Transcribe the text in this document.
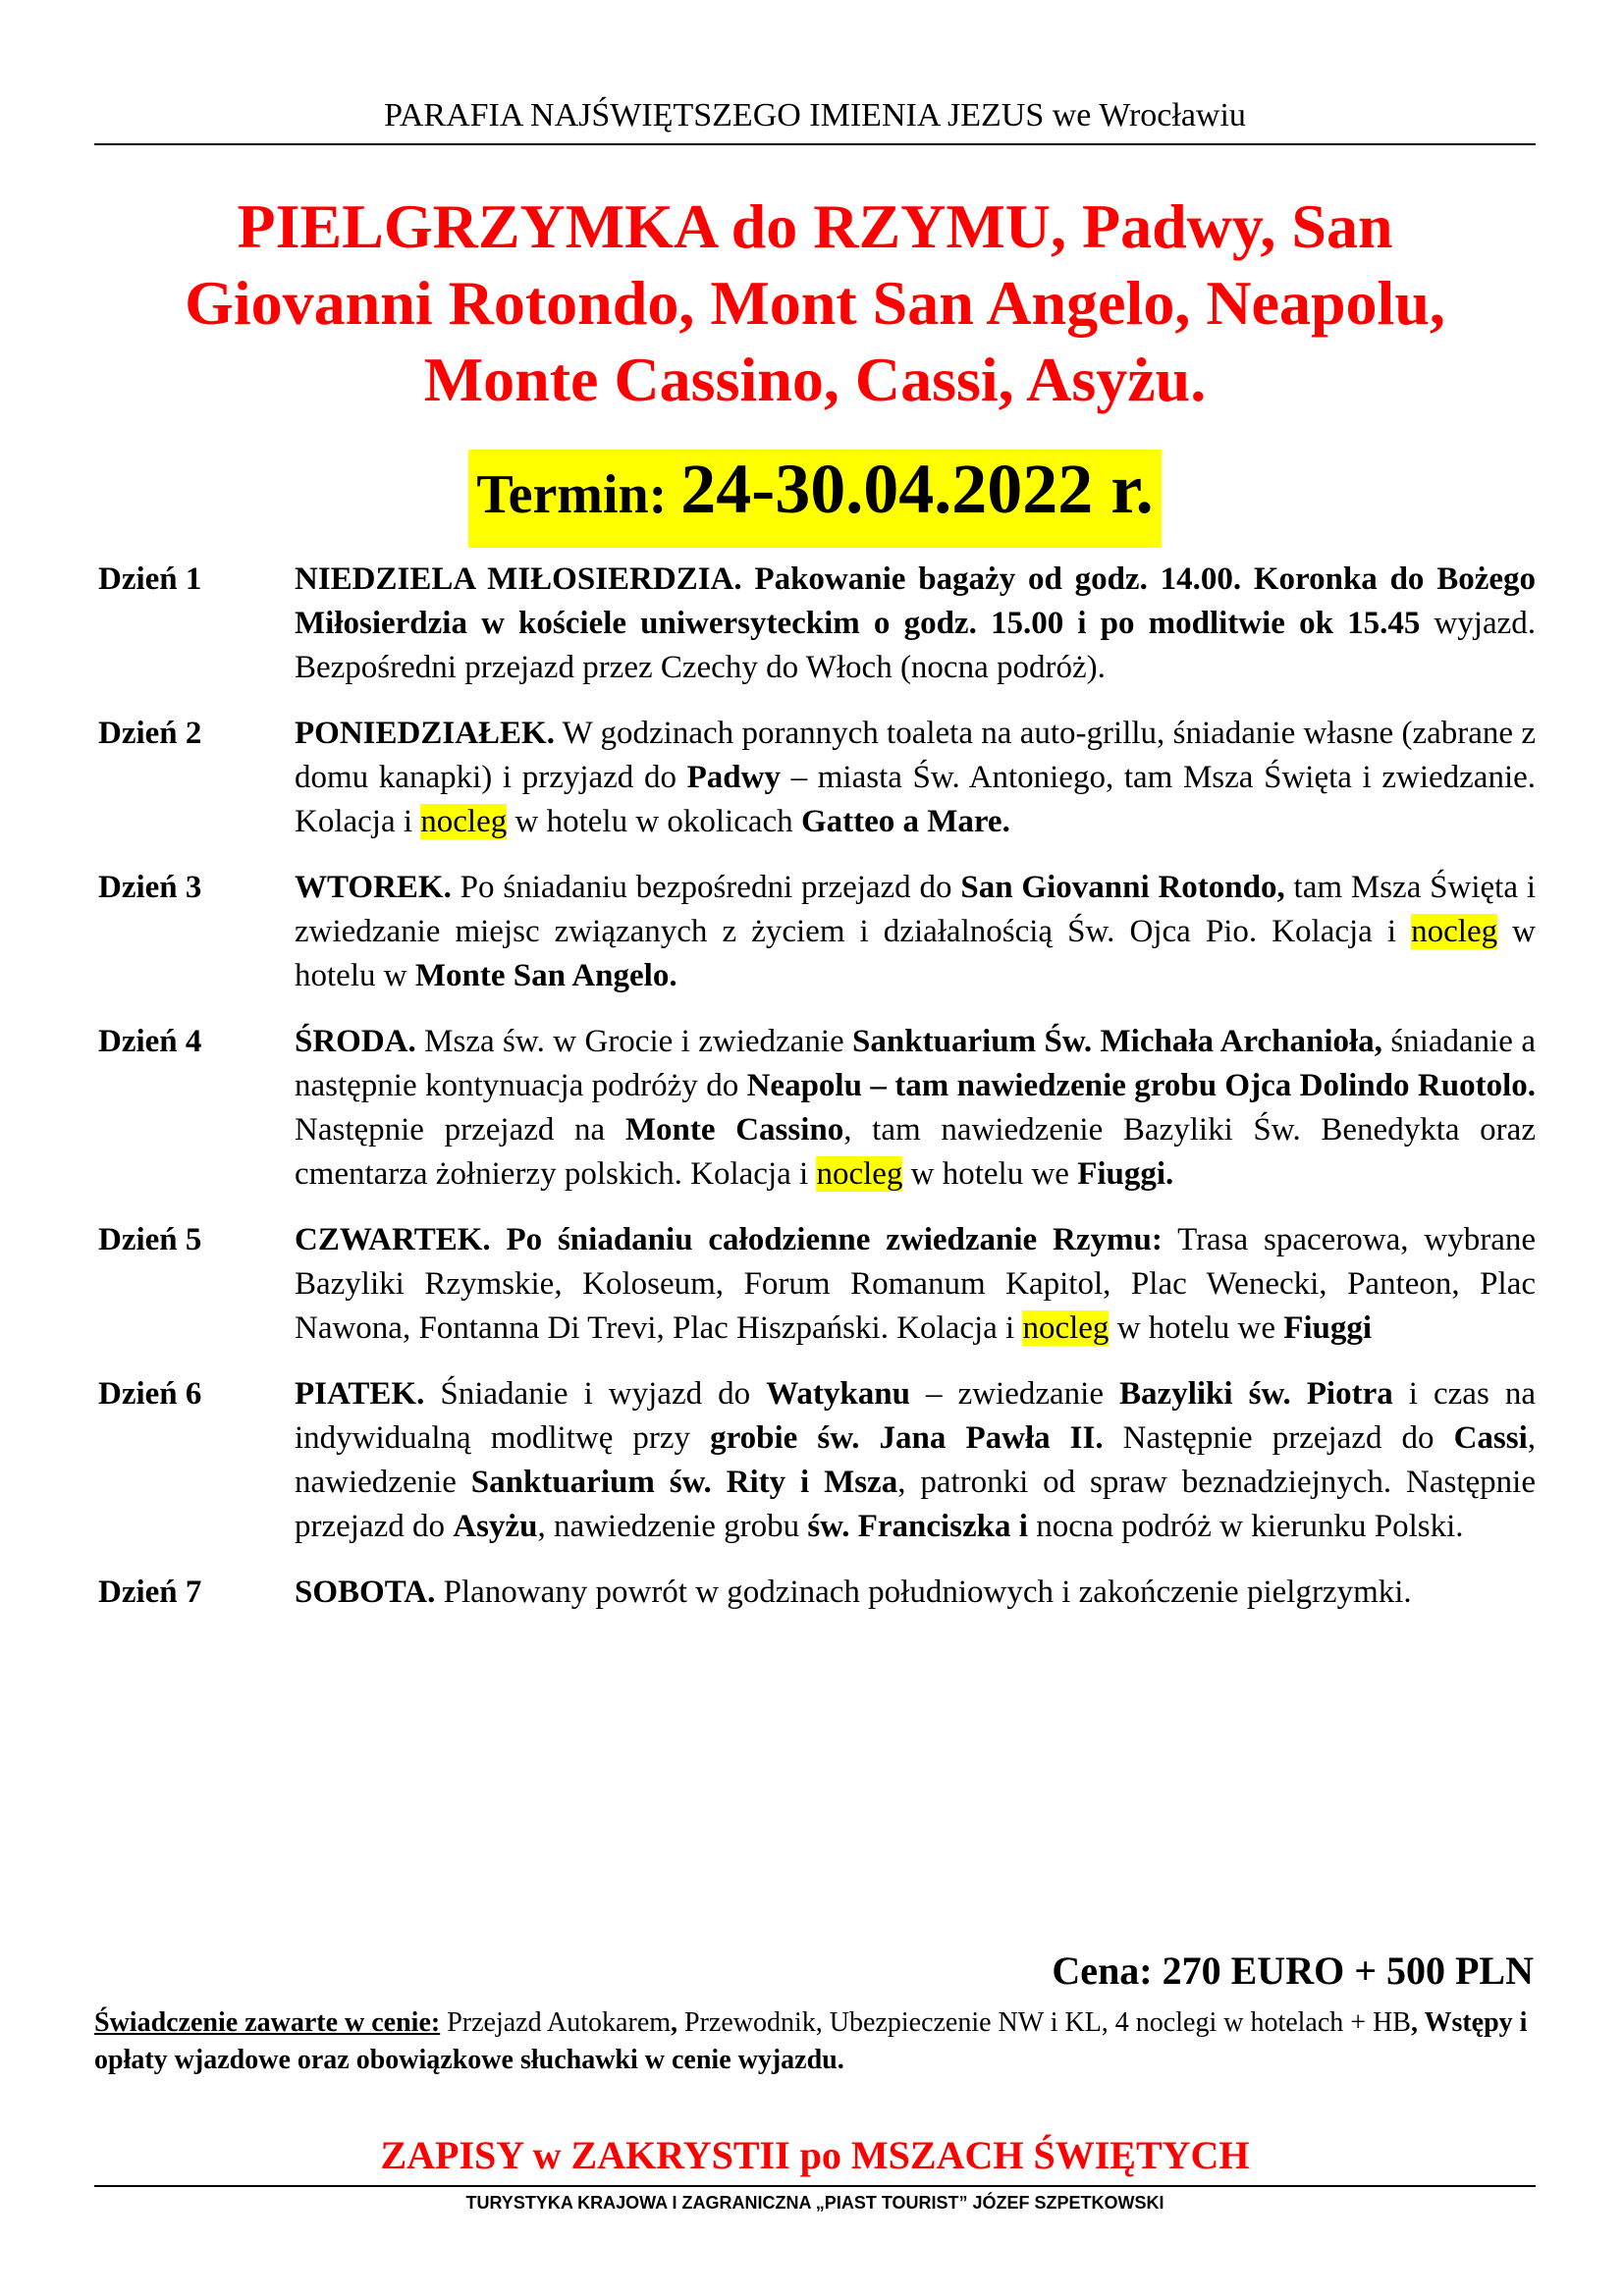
PARAFIA NAJŚWIĘTSZEGO IMIENIA JEZUS we Wrocławiu
PIELGRZYMKA do RZYMU, Padwy, San
Giovanni Rotondo, Mont San Angelo, Neapolu,
Monte Cassino, Cassi, Asyżu.
Termin: 24-30.04.2022 r.
Dzień 1	NIEDZIELA MIŁOSIERDZIA. Pakowanie bagaży od godz. 14.00. Koronka do Bożego Miłosierdzia w kościele uniwersyteckim o godz. 15.00 i po modlitwie ok 15.45 wyjazd. Bezpośredni przejazd przez Czechy do Włoch (nocna podróż).
Dzień 2	PONIEDZIAŁEK. W godzinach porannych toaleta na auto-grillu, śniadanie własne (zabrane z domu kanapki) i przyjazd do Padwy – miasta Św. Antoniego, tam Msza Święta i zwiedzanie. Kolacja i nocleg w hotelu w okolicach Gatteo a Mare.
Dzień 3	WTOREK. Po śniadaniu bezpośredni przejazd do San Giovanni Rotondo, tam Msza Święta i zwiedzanie miejsc związanych z życiem i działalnością Św. Ojca Pio. Kolacja i nocleg w hotelu w Monte San Angelo.
Dzień 4	ŚRODA. Msza św. w Grocie i zwiedzanie Sanktuarium Św. Michała Archanioła, śniadanie a następnie kontynuacja podróży do Neapolu – tam nawiedzenie grobu Ojca Dolindo Ruotolo. Następnie przejazd na Monte Cassino, tam nawiedzenie Bazyliki Św. Benedykta oraz cmentarza żołnierzy polskich. Kolacja i nocleg w hotelu we Fiuggi.
Dzień 5	CZWARTEK. Po śniadaniu całodzienne zwiedzanie Rzymu: Trasa spacerowa, wybrane Bazyliki Rzymskie, Koloseum, Forum Romanum Kapitol, Plac Wenecki, Panteon, Plac Nawona, Fontanna Di Trevi, Plac Hiszpański. Kolacja i nocleg w hotelu we Fiuggi
Dzień 6	PIATEK. Śniadanie i wyjazd do Watykanu – zwiedzanie Bazyliki św. Piotra i czas na indywidualną modlitwę przy grobie św. Jana Pawła II. Następnie przejazd do Cassi, nawiedzenie Sanktuarium św. Rity i Msza, patronki od spraw beznadziejnych. Następnie przejazd do Asyżu, nawiedzenie grobu św. Franciszka i nocna podróż w kierunku Polski.
Dzień 7	SOBOTA. Planowany powrót w godzinach południowych i zakończenie pielgrzymki.
Cena: 270 EURO + 500 PLN
Świadczenie zawarte w cenie: Przejazd Autokarem, Przewodnik, Ubezpieczenie NW i KL, 4 noclegi w hotelach + HB, Wstępy i opłaty wjazdowe oraz obowiązkowe słuchawki w cenie wyjazdu.
ZAPISY w ZAKRYSTII po MSZACH ŚWIĘTYCH
TURYSTYKA KRAJOWA I ZAGRANICZNA „PIAST TOURIST” JÓZEF SZPETKOWSKI
